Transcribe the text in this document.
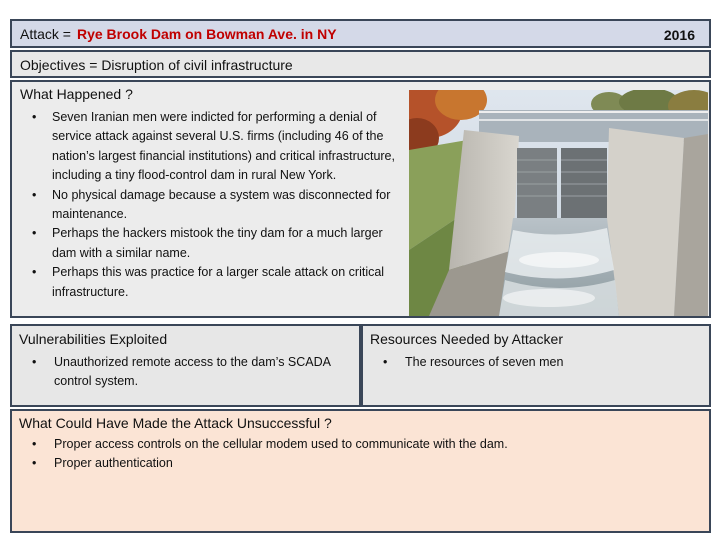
Attack = Rye Brook Dam on Bowman Ave. in NY	2016
Objectives = Disruption of civil infrastructure
What Happened ?
• Seven Iranian men were indicted for performing a denial of service attack against several U.S. firms (including 46 of the nation’s largest financial institutions) and critical infrastructure, including a tiny flood-control dam in rural New York.
• No physical damage because a system was disconnected for maintenance.
• Perhaps the hackers mistook the tiny dam for a much larger dam with a similar name.
• Perhaps this was practice for a larger scale attack on critical infrastructure.
Vulnerabilities Exploited
• Unauthorized remote access to the dam’s SCADA control system.
Resources Needed by Attacker
• The resources of seven men
What Could Have Made the Attack Unsuccessful ?
• Proper access controls on the cellular modem used to communicate with the dam.
• Proper authentication
